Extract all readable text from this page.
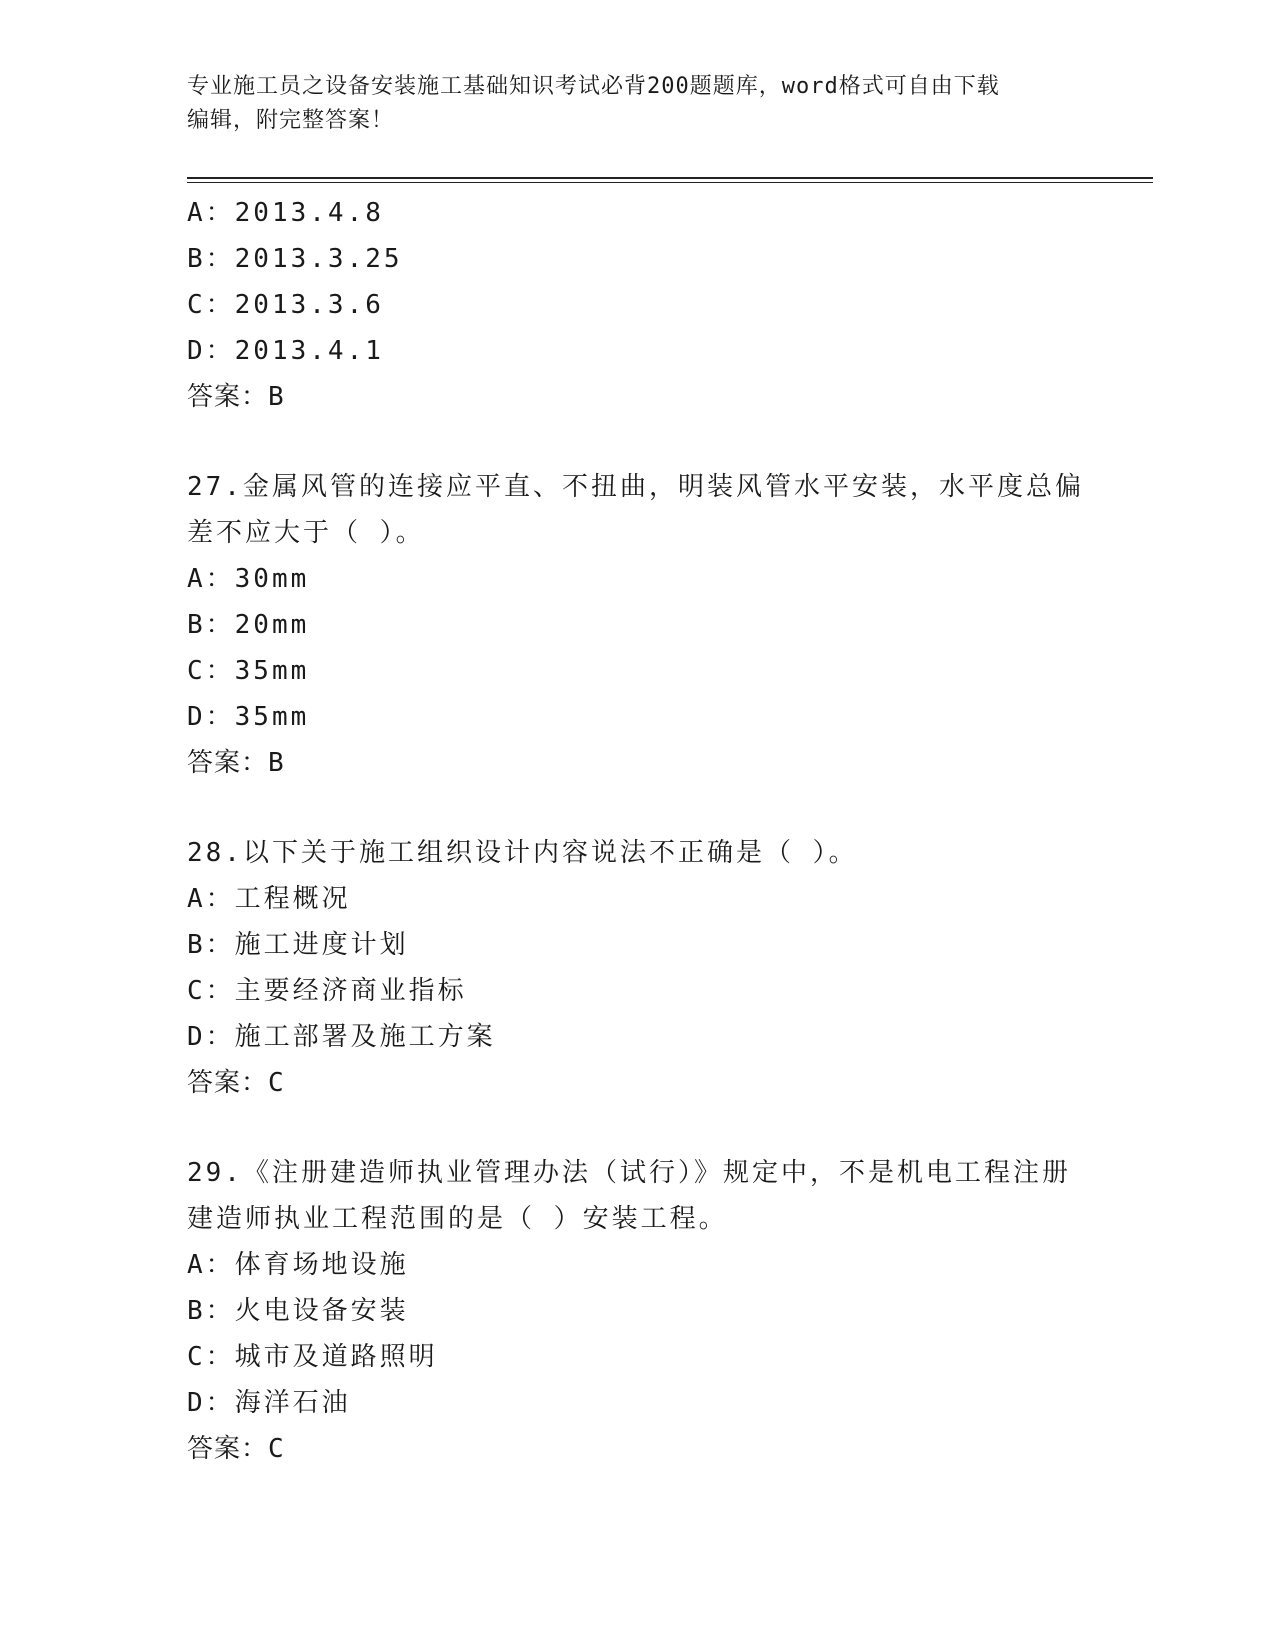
专业施工员之设备安装施工基础知识考试必背200题题库，word格式可自由下载
编辑，附完整答案！
A：2013.4.8
B：2013.3.25
C：2013.3.6
D：2013.4.1
答案：B
27.金属风管的连接应平直、不扭曲，明装风管水平安装，水平度总偏
差不应大于（ ）。
A：30mm
B：20mm
C：35mm
D：35mm
答案：B
28.以下关于施工组织设计内容说法不正确是（ ）。
A：工程概况
B：施工进度计划
C：主要经济商业指标
D：施工部署及施工方案
答案：C
29.《注册建造师执业管理办法（试行）》规定中，不是机电工程注册
建造师执业工程范围的是（ ）安装工程。
A：体育场地设施
B：火电设备安装
C：城市及道路照明
D：海洋石油
答案：C
